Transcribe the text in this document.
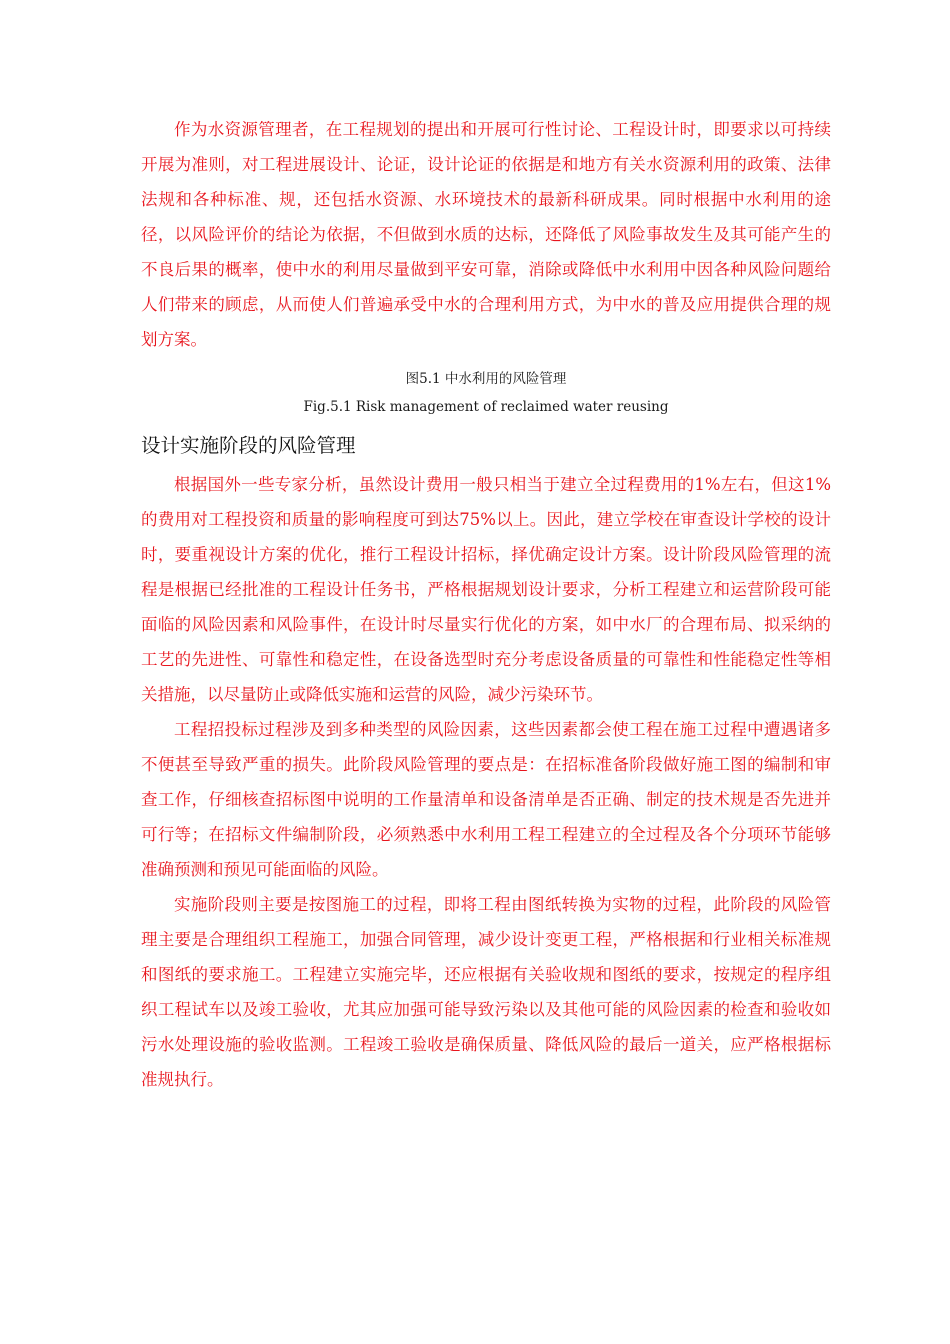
作为水资源管理者，在工程规划的提出和开展可行性讨论、工程设计时，即要求以可持续开展为准则，对工程进展设计、论证，设计论证的依据是和地方有关水资源利用的政策、法律法规和各种标准、规，还包括水资源、水环境技术的最新科研成果。同时根据中水利用的途径，以风险评价的结论为依据，不但做到水质的达标，还降低了风险事故发生及其可能产生的不良后果的概率，使中水的利用尽量做到平安可靠，消除或降低中水利用中因各种风险问题给人们带来的顾虑，从而使人们普遍承受中水的合理利用方式，为中水的普及应用提供合理的规划方案。

图5.1 中水利用的风险管理

Fig.5.1 Risk management of reclaimed water reusing

设计实施阶段的风险管理

根据国外一些专家分析，虽然设计费用一般只相当于建立全过程费用的1%左右，但这1%的费用对工程投资和质量的影响程度可到达75%以上。因此，建立学校在审查设计学校的设计时，要重视设计方案的优化，推行工程设计招标，择优确定设计方案。设计阶段风险管理的流程是根据已经批准的工程设计任务书，严格根据规划设计要求，分析工程建立和运营阶段可能面临的风险因素和风险事件，在设计时尽量实行优化的方案，如中水厂的合理布局、拟采纳的工艺的先进性、可靠性和稳定性，在设备选型时充分考虑设备质量的可靠性和性能稳定性等相关措施，以尽量防止或降低实施和运营的风险，减少污染环节。

工程招投标过程涉及到多种类型的风险因素，这些因素都会使工程在施工过程中遭遇诸多不便甚至导致严重的损失。此阶段风险管理的要点是：在招标准备阶段做好施工图的编制和审查工作，仔细核查招标图中说明的工作量清单和设备清单是否正确、制定的技术规是否先进并可行等；在招标文件编制阶段，必须熟悉中水利用工程工程建立的全过程及各个分项环节能够准确预测和预见可能面临的风险。

实施阶段则主要是按图施工的过程，即将工程由图纸转换为实物的过程，此阶段的风险管理主要是合理组织工程施工，加强合同管理，减少设计变更工程，严格根据和行业相关标准规和图纸的要求施工。工程建立实施完毕，还应根据有关验收规和图纸的要求，按规定的程序组织工程试车以及竣工验收，尤其应加强可能导致污染以及其他可能的风险因素的检查和验收如污水处理设施的验收监测。工程竣工验收是确保质量、降低风险的最后一道关，应严格根据标准规执行。
